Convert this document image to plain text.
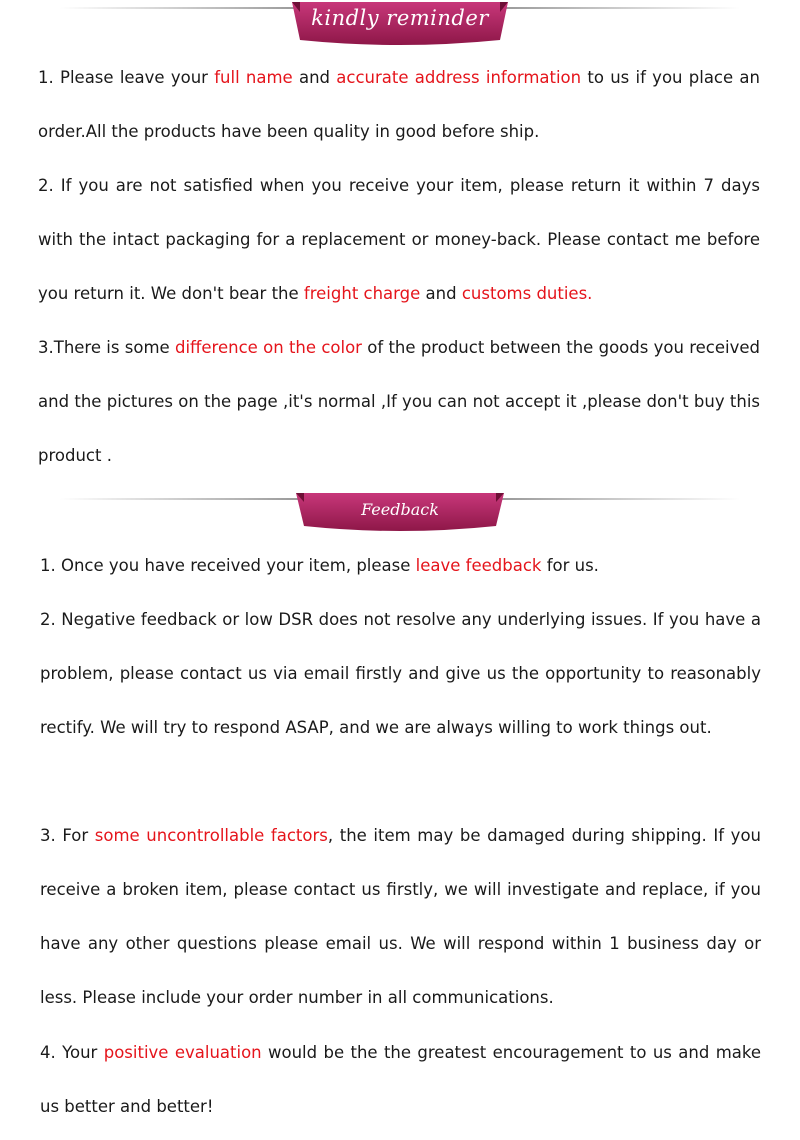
kindly reminder

1. Please leave your full name and accurate address information to us if you place an order.All the products have been quality in good before ship.

2. If you are not satisfied when you receive your item, please return it within 7 days with the intact packaging for a replacement or money-back. Please contact me before you return it. We don't bear the freight charge and customs duties.

3.There is some difference on the color of the product between the goods you received and the pictures on the page ,it's normal ,If you can not accept it ,please don't buy this product .

Feedback

1. Once you have received your item, please leave feedback for us.

2. Negative feedback or low DSR does not resolve any underlying issues. If you have a problem, please contact us via email firstly and give us the opportunity to reasonably rectify. We will try to respond ASAP, and we are always willing to work things out.

3. For some uncontrollable factors, the item may be damaged during shipping. If you receive a broken item, please contact us firstly, we will investigate and replace, if you have any other questions please email us. We will respond within 1 business day or less. Please include your order number in all communications.

4. Your positive evaluation would be the the greatest encouragement to us and make us better and better!
